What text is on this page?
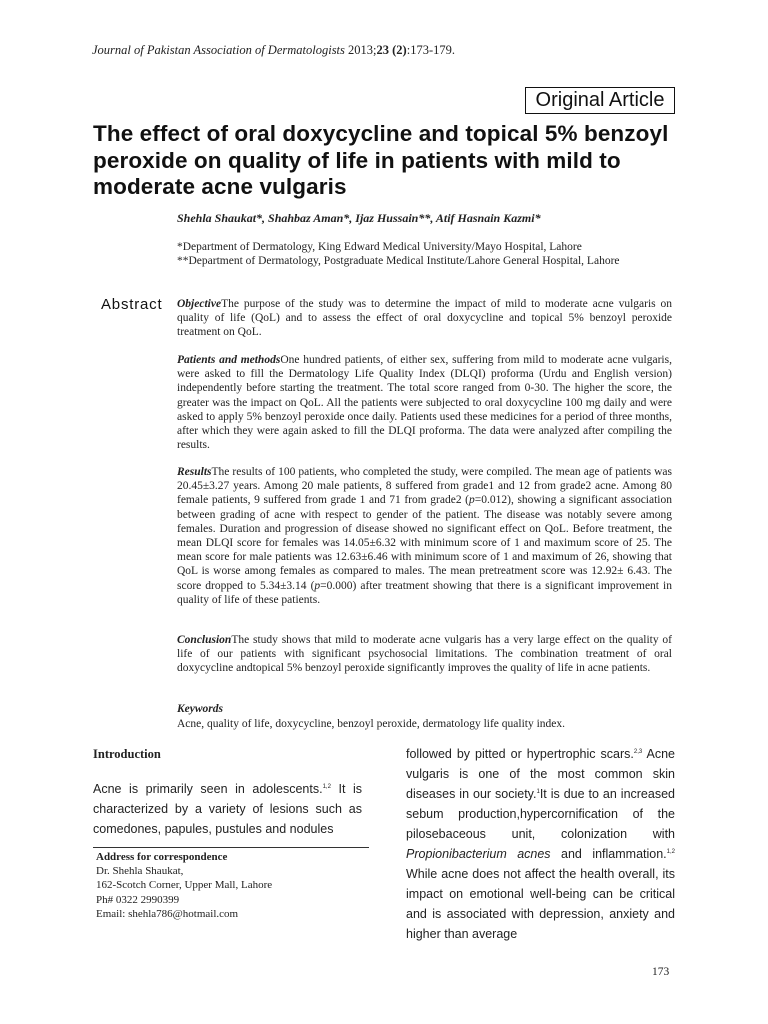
Journal of Pakistan Association of Dermatologists 2013;23 (2):173-179.
Original Article
The effect of oral doxycycline and topical 5% benzoyl peroxide on quality of life in patients with mild to moderate acne vulgaris
Shehla Shaukat*, Shahbaz Aman*, Ijaz Hussain**, Atif Hasnain Kazmi*
*Department of Dermatology, King Edward Medical University/Mayo Hospital, Lahore
**Department of Dermatology, Postgraduate Medical Institute/Lahore General Hospital, Lahore
Abstract	ObjectiveThe purpose of the study was to determine the impact of mild to moderate acne vulgaris on quality of life (QoL) and to assess the effect of oral doxycycline and topical 5% benzoyl peroxide treatment on QoL.
Patients and methodsOne hundred patients, of either sex, suffering from mild to moderate acne vulgaris, were asked to fill the Dermatology Life Quality Index (DLQI) proforma (Urdu and English version) independently before starting the treatment. The total score ranged from 0-30. The higher the score, the greater was the impact on QoL. All the patients were subjected to oral doxycycline 100 mg daily and were asked to apply 5% benzoyl peroxide once daily. Patients used these medicines for a period of three months, after which they were again asked to fill the DLQI proforma. The data were analyzed after compiling the results.
ResultsThe results of 100 patients, who completed the study, were compiled. The mean age of patients was 20.45±3.27 years. Among 20 male patients, 8 suffered from grade1 and 12 from grade2 acne. Among 80 female patients, 9 suffered from grade 1 and 71 from grade2 (p=0.012), showing a significant association between grading of acne with respect to gender of the patient. The disease was notably severe among females. Duration and progression of disease showed no significant effect on QoL. Before treatment, the mean DLQI score for females was 14.05±6.32 with minimum score of 1 and maximum score of 25. The mean score for male patients was 12.63±6.46 with minimum score of 1 and maximum of 26, showing that QoL is worse among females as compared to males. The mean pretreatment score was 12.92± 6.43. The score dropped to 5.34±3.14 (p=0.000) after treatment showing that there is a significant improvement in quality of life of these patients.
ConclusionThe study shows that mild to moderate acne vulgaris has a very large effect on the quality of life of our patients with significant psychosocial limitations. The combination treatment of oral doxycycline andtopical 5% benzoyl peroxide significantly improves the quality of life in acne patients.
Keywords
Acne, quality of life, doxycycline, benzoyl peroxide, dermatology life quality index.
Introduction
Acne is primarily seen in adolescents.$^{1,2}$ It is characterized by a variety of lesions such as comedones, papules, pustules and nodules
Address for correspondence
Dr. Shehla Shaukat,
162-Scotch Corner, Upper Mall, Lahore
Ph# 0322 2990399
Email: shehla786@hotmail.com
followed by pitted or hypertrophic scars.$^{2,3}$ Acne vulgaris is one of the most common skin diseases in our society.$^1$It is due to an increased sebum production,hypercornification of the pilosebaceous unit, colonization with Propionibacterium acnes and inflammation.$^{1,2}$ While acne does not affect the health overall, its impact on emotional well-being can be critical and is associated with depression, anxiety and higher than average
173
